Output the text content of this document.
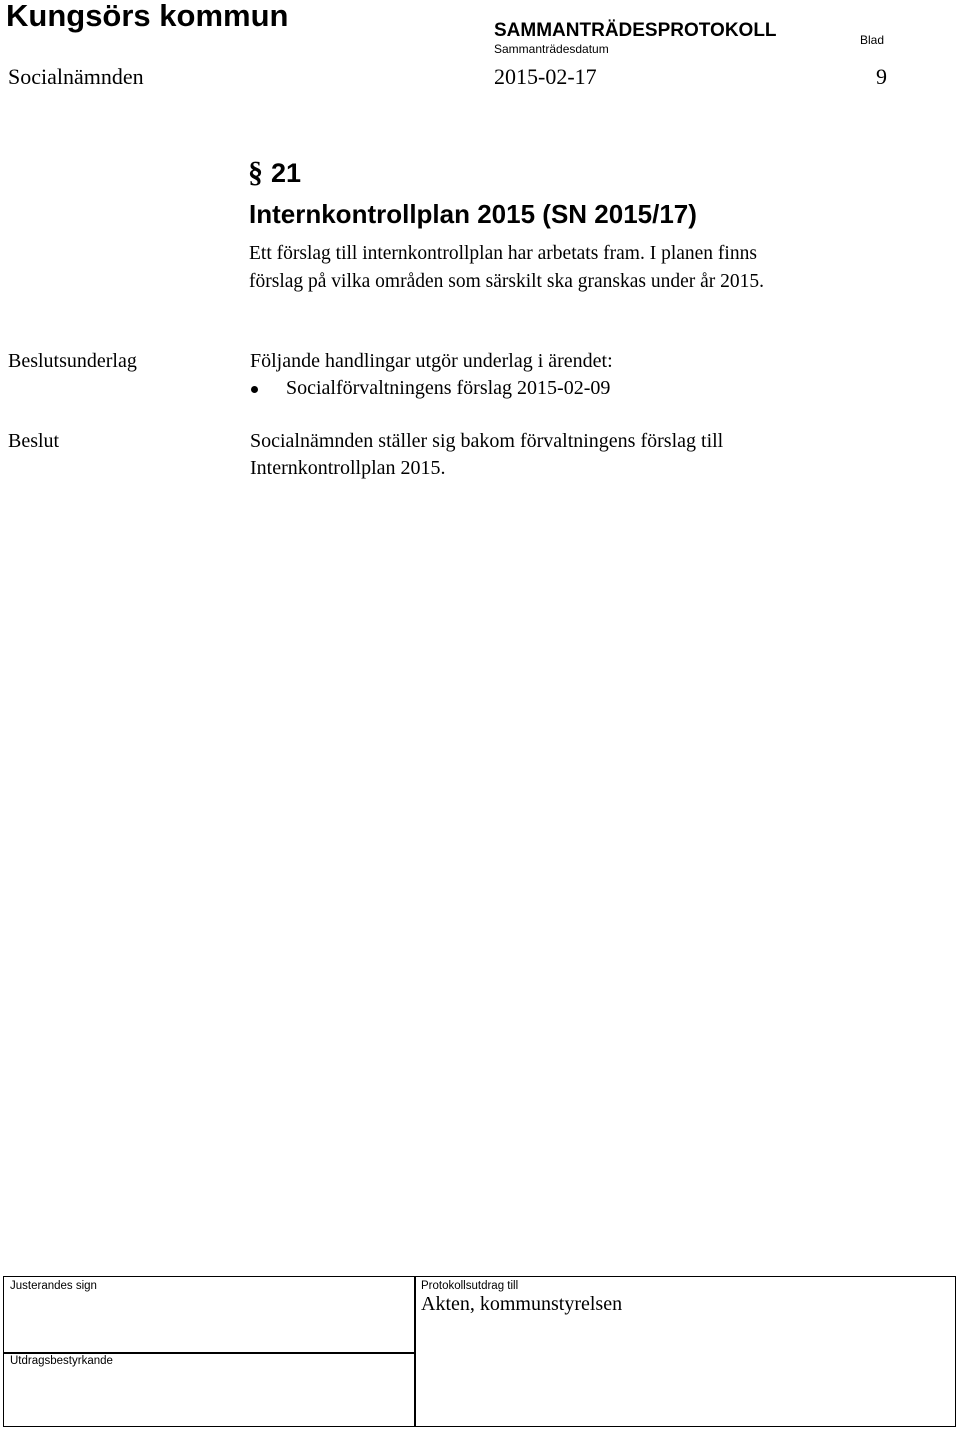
Kungsörs kommun	SAMMANTRÄDESPROTOKOLL
Sammanträdesdatum
Blad
Socialnämnden	2015-02-17	9
§ 21
Internkontrollplan 2015 (SN 2015/17)
Ett förslag till internkontrollplan har arbetats fram. I planen finns
förslag på vilka områden som särskilt ska granskas under år 2015.
Beslutsunderlag	Följande handlingar utgör underlag i ärendet:
Socialförvaltningens förslag 2015-02-09
Beslut	Socialnämnden ställer sig bakom förvaltningens förslag till
Internkontrollplan 2015.
Justerandes sign	Protokollsutdrag till
Akten, kommunstyrelsen
Utdragsbestyrkande
